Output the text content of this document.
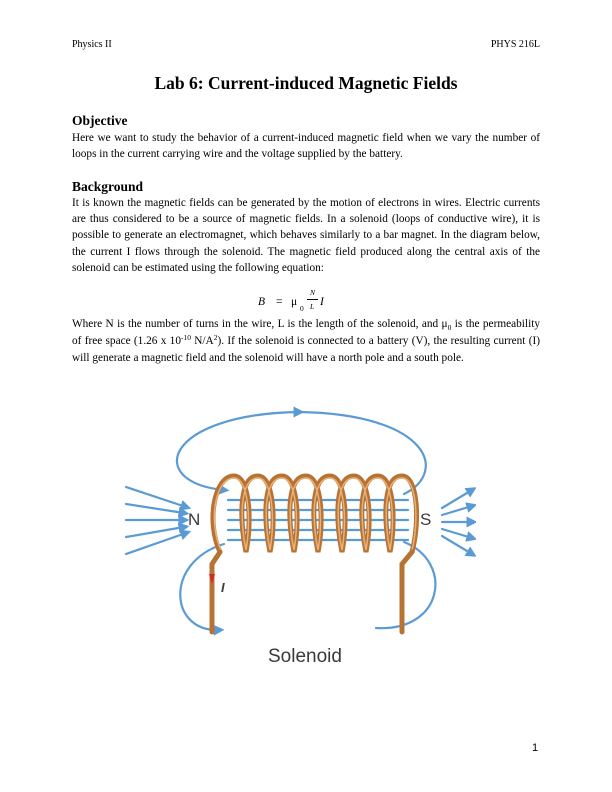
Physics II	PHYS 216L
Lab 6: Current-induced Magnetic Fields
Objective
Here we want to study the behavior of a current-induced magnetic field when we vary the number of loops in the current carrying wire and the voltage supplied by the battery.
Background
It is known the magnetic fields can be generated by the motion of electrons in wires. Electric currents are thus considered to be a source of magnetic fields. In a solenoid (loops of conductive wire), it is possible to generate an electromagnet, which behaves similarly to a bar magnet. In the diagram below, the current I flows through the solenoid. The magnetic field produced along the central axis of the solenoid can be estimated using the following equation:
B = μ
0
N
L I
Where N is the number of turns in the wire, L is the length of the solenoid, and $\mu_0$ is the permeability of free space (1.26 x $10^{-10}$ $N/A^2$). If the solenoid is connected to a battery (V), the resulting current (I) will generate a magnetic field and the solenoid will have a north pole and a south pole.
N	S
I
Solenoid
1
